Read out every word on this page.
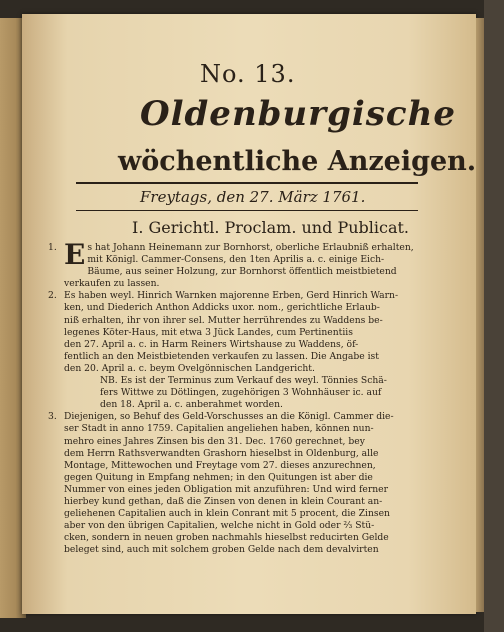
No. 13.
Oldenburgische
wöchentliche Anzeigen.
Freytags, den 27. März 1761.
I. Gerichtl. Proclam. und Publicat.
1. E s hat Johann Heinemann zur Bornhorst, oberliche Erlaubniß erhalten,
mit Königl. Cammer-Consens, den 1ten Aprilis a. c. einige Eich-
Bäume, aus seiner Holzung, zur Bornhorst öffentlich meistbietend
verkaufen zu lassen.
2. Es haben weyl. Hinrich Warnken majorenne Erben, Gerd Hinrich Warn-
ken, und Diederich Anthon Addicks uxor. nom., gerichtliche Erlaub-
niß erhalten, ihr von ihrer sel. Mutter herrührendes zu Waddens be-
legenes Köter-Haus, mit etwa 3 Jück Landes, cum Pertinentiis
den 27. April a. c. in Harm Reiners Wirtshause zu Waddens, öf-
fentlich an den Meistbietenden verkaufen zu lassen. Die Angabe ist
den 20. April a. c. beym Ovelgönnischen Landgericht.
NB. Es ist der Terminus zum Verkauf des weyl. Tönnies Schä-
fers Wittwe zu Dötlingen, zugehörigen 3 Wohnhäuser ic. auf
den 18. April a. c. anberahmet worden.
3. Diejenigen, so Behuf des Geld-Vorschusses an die Königl. Cammer die-
ser Stadt in anno 1759. Capitalien angeliehen haben, können nun-
mehro eines Jahres Zinsen bis den 31. Dec. 1760 gerechnet, bey
dem Herrn Rathsverwandten Grashorn hieselbst in Oldenburg, alle
Montage, Mittewochen und Freytage vom 27. dieses anzurechnen,
gegen Quitung in Empfang nehmen; in den Quitungen ist aber die
Nummer von eines jeden Obligation mit anzuführen: Und wird ferner
hierbey kund gethan, daß die Zinsen von denen in klein Courant an-
geliehenen Capitalien auch in klein Conrant mit 5 procent, die Zinsen
aber von den übrigen Capitalien, welche nicht in Gold oder ⅔ Stü-
cken, sondern in neuen groben nachmahls hieselbst reducirten Gelde
beleget sind, auch mit solchem groben Gelde nach dem devalvirten
